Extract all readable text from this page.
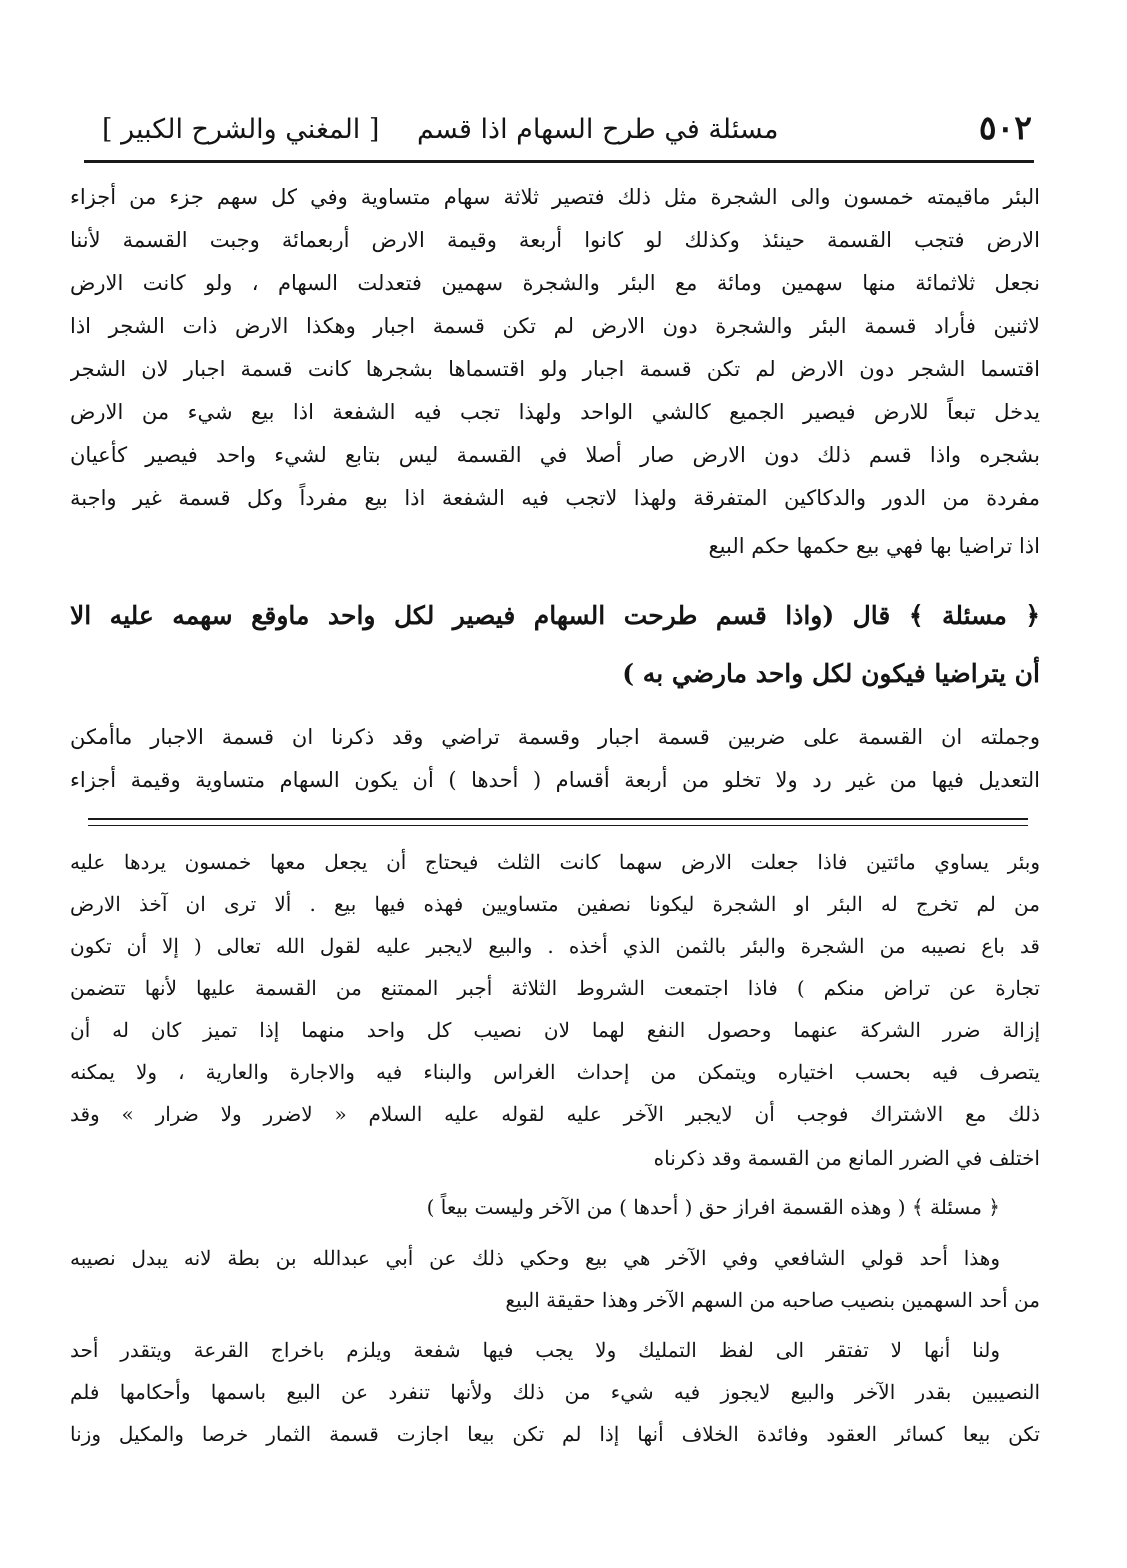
٥٠٢
مسئلة في طرح السهام اذا قسم
[ المغني والشرح الكبير ]
البئر ماقيمته خمسون والى الشجرة مثل ذلك فتصير ثلاثة سهام متساوية وفي كل سهم جزء من أجزاء
الارض فتجب القسمة حينئذ وكذلك لو كانوا أربعة وقيمة الارض أربعمائة وجبت القسمة لأننا
نجعل ثلاثمائة منها سهمين ومائة مع البئر والشجرة سهمين فتعدلت السهام ، ولو كانت الارض
لاثنين فأراد قسمة البئر والشجرة دون الارض لم تكن قسمة اجبار وهكذا الارض ذات الشجر اذا
اقتسما الشجر دون الارض لم تكن قسمة اجبار ولو اقتسماها بشجرها كانت قسمة اجبار لان الشجر
يدخل تبعاً للارض فيصير الجميع كالشي الواحد ولهذا تجب فيه الشفعة اذا بيع شيء من الارض
بشجره واذا قسم ذلك دون الارض صار أصلا في القسمة ليس بتابع لشيء واحد فيصير كأعيان
مفردة من الدور والدكاكين المتفرقة ولهذا لاتجب فيه الشفعة اذا بيع مفرداً وكل قسمة غير واجبة
اذا تراضيا بها فهي بيع حكمها حكم البيع
﴿ مسئلة ﴾ قال (واذا قسم طرحت السهام فيصير لكل واحد ماوقع سهمه عليه الا
أن يتراضيا فيكون لكل واحد مارضي به )
وجملته ان القسمة على ضربين قسمة اجبار وقسمة تراضي وقد ذكرنا ان قسمة الاجبار ماأمكن
التعديل فيها من غير رد ولا تخلو من أربعة أقسام ( أحدها ) أن يكون السهام متساوية وقيمة أجزاء
وبئر يساوي مائتين فاذا جعلت الارض سهما كانت الثلث فيحتاج أن يجعل معها خمسون يردها عليه
من لم تخرج له البئر او الشجرة ليكونا نصفين متساويين فهذه فيها بيع . ألا ترى ان آخذ الارض
قد باع نصيبه من الشجرة والبئر بالثمن الذي أخذه . والبيع لايجبر عليه لقول الله تعالى ( إلا أن تكون
تجارة عن تراض منكم ) فاذا اجتمعت الشروط الثلاثة أجبر الممتنع من القسمة عليها لأنها تتضمن
إزالة ضرر الشركة عنهما وحصول النفع لهما لان نصيب كل واحد منهما إذا تميز كان له أن
يتصرف فيه بحسب اختياره ويتمكن من إحداث الغراس والبناء فيه والاجارة والعارية ، ولا يمكنه
ذلك مع الاشتراك فوجب أن لايجبر الآخر عليه لقوله عليه السلام « لاضرر ولا ضرار » وقد
اختلف في الضرر المانع من القسمة وقد ذكرناه
﴿ مسئلة ﴾ ( وهذه القسمة افراز حق ( أحدها ) من الآخر وليست بيعاً )
وهذا أحد قولي الشافعي وفي الآخر هي بيع وحكي ذلك عن أبي عبدالله بن بطة لانه يبدل نصيبه
من أحد السهمين بنصيب صاحبه من السهم الآخر وهذا حقيقة البيع
ولنا أنها لا تفتقر الى لفظ التمليك ولا يجب فيها شفعة ويلزم باخراج القرعة ويتقدر أحد
النصيبين بقدر الآخر والبيع لايجوز فيه شيء من ذلك ولأنها تنفرد عن البيع باسمها وأحكامها فلم
تكن بيعا كسائر العقود وفائدة الخلاف أنها إذا لم تكن بيعا اجازت قسمة الثمار خرصا والمكيل وزنا
